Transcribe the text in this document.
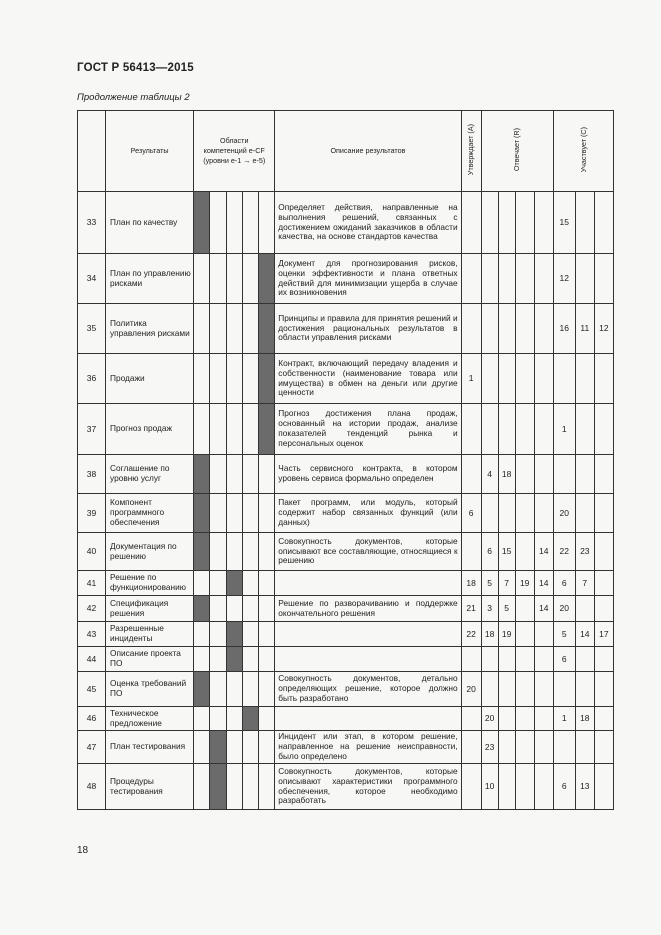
ГОСТ Р 56413—2015
Продолжение таблицы 2
	Результаты	Области компетенций e-CF (уровни e-1 → e-5)					Описание результатов	Утверждает (A)	Отвечает (R)				Участвует (C)		
33	План по качеству						Определяет действия, направленные на выполнения решений, связанных с достижением ожиданий заказчиков в области качества, на основе стандартов качества						15		
34	План по управлению рисками						Документ для прогнозирования рисков, оценки эффективности и плана ответных действий для минимизации ущерба в случае их возникновения						12		
35	Политика управления рисками						Принципы и правила для принятия решений и достижения рациональных результатов в области управления рисками						16	11	12
36	Продажи						Контракт, включающий передачу владения и собственности (наименование товара или имущества) в обмен на деньги или другие ценности	1							
37	Прогноз продаж						Прогноз достижения плана продаж, основанный на истории продаж, анализе показателей тенденций рынка и персональных оценок						1		
38	Соглашение по уровню услуг						Часть сервисного контракта, в котором уровень сервиса формально определен		4	18					
39	Компонент программного обеспечения						Пакет программ, или модуль, который содержит набор связанных функций (или данных)	6					20		
40	Документация по решению						Совокупность документов, которые описывают все составляющие, относящиеся к решению		6	15		14	22	23	
41	Решение по функционированию							18	5	7	19	14	6	7	
42	Спецификация решения						Решение по разворачиванию и поддержке окончательного решения	21	3	5		14	20		
43	Разрешенные инциденты							22	18	19			5	14	17
44	Описание проекта ПО												6		
45	Оценка требований ПО						Совокупность документов, детально определяющих решение, которое должно быть разработано	20							
46	Техническое предложение								20				1	18	
47	План тестирования						Инцидент или этап, в котором решение, направленное на решение неисправности, было определено		23						
48	Процедуры тестирования						Совокупность документов, которые описывают характеристики программного обеспечения, которое необходимо разработать		10				6	13	
18
